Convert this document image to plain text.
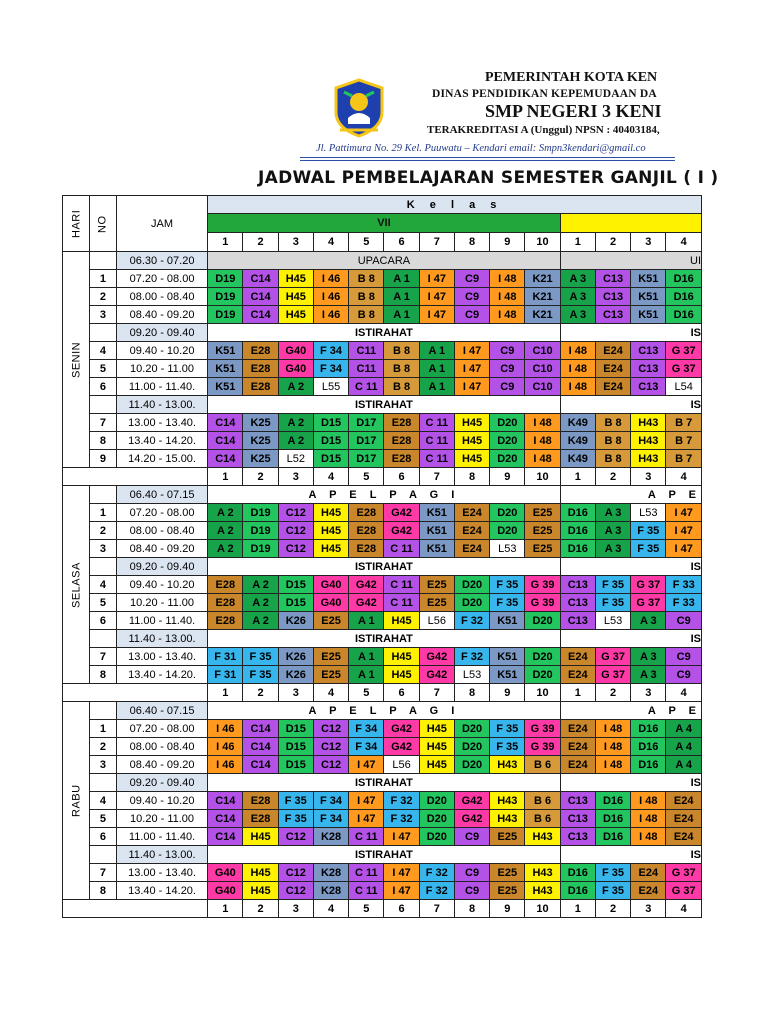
PEMERINTAH KOTA KEN
DINAS PENDIDIKAN KEPEMUDAAN DA
SMP NEGERI 3 KENI
TERAKREDITASI A (Unggul) NPSN : 40403184,
Jl. Pattimura No. 29 Kel. Puuwatu – Kendari email: Smpn3kendari@gmail.co
JADWAL PEMBELAJARAN SEMESTER GANJIL ( I )
HARI	NO	JAM	K e l a s													
			VII													
			1	2	3	4	5	6	7	8	9	10	1	2	3	4
SENIN		06.30 - 07.20	UPACARA										UI			
	1	07.20 - 08.00	D19	C14	H45	I 46	B 8	A 1	I 47	C9	I 48	K21	A 3	C13	K51	D16
	2	08.00 - 08.40	D19	C14	H45	I 46	B 8	A 1	I 47	C9	I 48	K21	A 3	C13	K51	D16
	3	08.40 - 09.20	D19	C14	H45	I 46	B 8	A 1	I 47	C9	I 48	K21	A 3	C13	K51	D16
		09.20 - 09.40	ISTIRAHAT										IS			
	4	09.40 - 10.20	K51	E28	G40	F 34	C11	B 8	A 1	I 47	C9	C10	I 48	E24	C13	G 37
	5	10.20 - 11.00	K51	E28	G40	F 34	C11	B 8	A 1	I 47	C9	C10	I 48	E24	C13	G 37
	6	11.00 - 11.40.	K51	E28	A 2	L55	C 11	B 8	A 1	I 47	C9	C10	I 48	E24	C13	L54
		11.40 - 13.00.	ISTIRAHAT										IS			
	7	13.00 - 13.40.	C14	K25	A 2	D15	D17	E28	C 11	H45	D20	I 48	K49	B 8	H43	B 7
	8	13.40 - 14.20.	C14	K25	A 2	D15	D17	E28	C 11	H45	D20	I 48	K49	B 8	H43	B 7
	9	14.20 - 15.00.	C14	K25	L52	D15	D17	E28	C 11	H45	D20	I 48	K49	B 8	H43	B 7
			1	2	3	4	5	6	7	8	9	10	1	2	3	4
SELASA		06.40 - 07.15	A P E L P A G I										A P E			
	1	07.20 - 08.00	A 2	D19	C12	H45	E28	G42	K51	E24	D20	E25	D16	A 3	L53	I 47
	2	08.00 - 08.40	A 2	D19	C12	H45	E28	G42	K51	E24	D20	E25	D16	A 3	F 35	I 47
	3	08.40 - 09.20	A 2	D19	C12	H45	E28	C 11	K51	E24	L53	E25	D16	A 3	F 35	I 47
		09.20 - 09.40	ISTIRAHAT										IS			
	4	09.40 - 10.20	E28	A 2	D15	G40	G42	C 11	E25	D20	F 35	G 39	C13	F 35	G 37	F 33
	5	10.20 - 11.00	E28	A 2	D15	G40	G42	C 11	E25	D20	F 35	G 39	C13	F 35	G 37	F 33
	6	11.00 - 11.40.	E28	A 2	K26	E25	A 1	H45	L56	F 32	K51	D20	C13	L53	A 3	C9
		11.40 - 13.00.	ISTIRAHAT										IS			
	7	13.00 - 13.40.	F 31	F 35	K26	E25	A 1	H45	G42	F 32	K51	D20	E24	G 37	A 3	C9
	8	13.40 - 14.20.	F 31	F 35	K26	E25	A 1	H45	G42	L53	K51	D20	E24	G 37	A 3	C9
			1	2	3	4	5	6	7	8	9	10	1	2	3	4
RABU		06.40 - 07.15	A P E L P A G I										A P E			
	1	07.20 - 08.00	I 46	C14	D15	C12	F 34	G42	H45	D20	F 35	G 39	E24	I 48	D16	A 4
	2	08.00 - 08.40	I 46	C14	D15	C12	F 34	G42	H45	D20	F 35	G 39	E24	I 48	D16	A 4
	3	08.40 - 09.20	I 46	C14	D15	C12	I 47	L56	H45	D20	H43	B 6	E24	I 48	D16	A 4
		09.20 - 09.40	ISTIRAHAT										IS			
	4	09.40 - 10.20	C14	E28	F 35	F 34	I 47	F 32	D20	G42	H43	B 6	C13	D16	I 48	E24
	5	10.20 - 11.00	C14	E28	F 35	F 34	I 47	F 32	D20	G42	H43	B 6	C13	D16	I 48	E24
	6	11.00 - 11.40.	C14	H45	C12	K28	C 11	I 47	D20	C9	E25	H43	C13	D16	I 48	E24
		11.40 - 13.00.	ISTIRAHAT										IS			
	7	13.00 - 13.40.	G40	H45	C12	K28	C 11	I 47	F 32	C9	E25	H43	D16	F 35	E24	G 37
	8	13.40 - 14.20.	G40	H45	C12	K28	C 11	I 47	F 32	C9	E25	H43	D16	F 35	E24	G 37
			1	2	3	4	5	6	7	8	9	10	1	2	3	4
